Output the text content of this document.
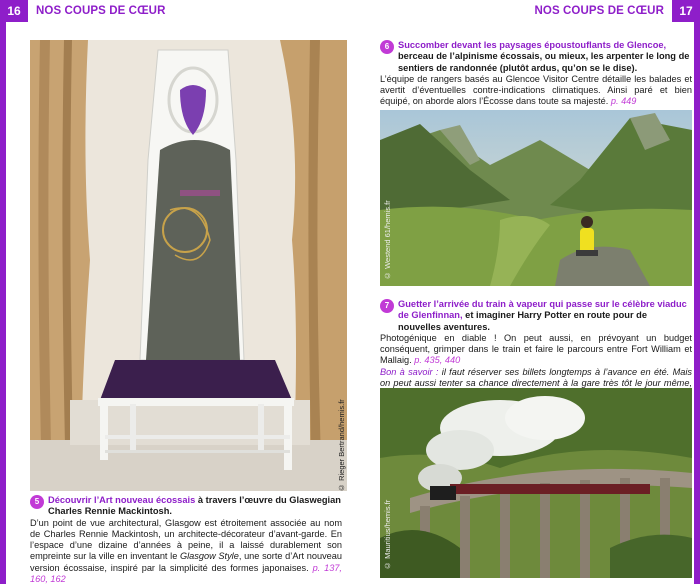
16	NOS COUPS DE CŒUR
© Rieger Bertrand/hemis.fr
5 Découvrir l’Art nouveau écossais à travers l’œuvre du Glaswegian Charles Rennie Mackintosh.
D’un point de vue architectural, Glasgow est étroitement associée au nom de Charles Rennie Mackintosh, un architecte-décorateur d’avant-garde. En l’espace d’une dizaine d’années à peine, il a laissé durablement son empreinte sur la ville en inventant le Glasgow Style, une sorte d’Art nouveau version écossaise, inspiré par la simplicité des formes japonaises. p. 137, 160, 162
NOS COUPS DE CŒUR	17
6 Succomber devant les paysages époustouflants de Glencoe, berceau de l’alpinisme écossais, ou mieux, les arpenter le long de sentiers de randonnée (plutôt ardus, qu’on se le dise).
L’équipe de rangers basés au Glencoe Visitor Centre détaille les balades et avertit d’éventuelles contre-indications climatiques. Ainsi paré et bien équipé, on aborde alors l’Écosse dans toute sa majesté. p. 449
© Westend 61/hemis.fr
7 Guetter l’arrivée du train à vapeur qui passe sur le célèbre viaduc de Glenfinnan, et imaginer Harry Potter en route pour de nouvelles aventures.
Photogénique en diable ! On peut aussi, en prévoyant un budget conséquent, grimper dans le train et faire le parcours entre Fort William et Mallaig. p. 435, 440
Bon à savoir : il faut réserver ses billets longtemps à l’avance en été. Mais on peut aussi tenter sa chance directement à la gare très tôt le jour même,
© Mauritius/hemis.fr
